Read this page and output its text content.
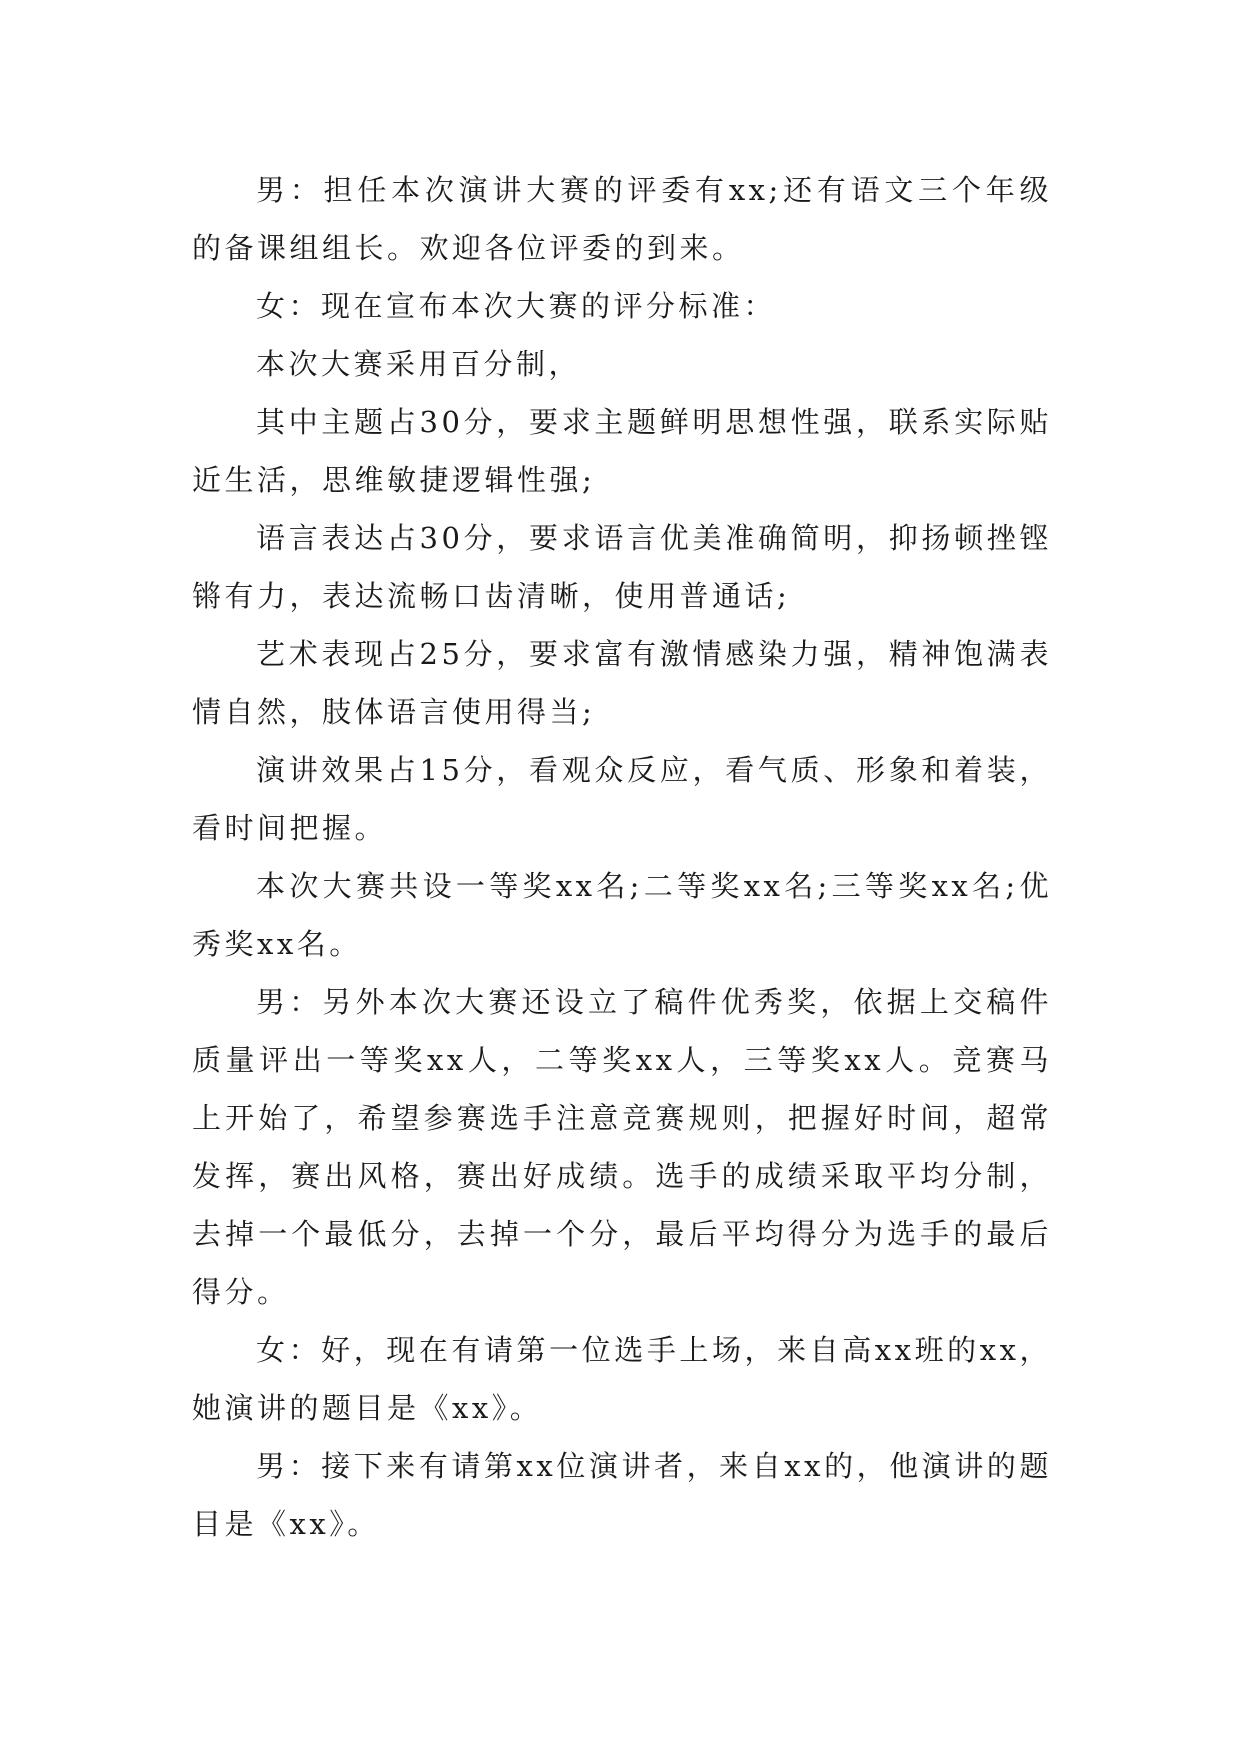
男：担任本次演讲大赛的评委有xx;还有语文三个年级的备课组组长。欢迎各位评委的到来。

女：现在宣布本次大赛的评分标准：

本次大赛采用百分制，

其中主题占30分，要求主题鲜明思想性强，联系实际贴近生活，思维敏捷逻辑性强;

语言表达占30分，要求语言优美准确简明，抑扬顿挫铿锵有力，表达流畅口齿清晰，使用普通话;

艺术表现占25分，要求富有激情感染力强，精神饱满表情自然，肢体语言使用得当;

演讲效果占15分，看观众反应，看气质、形象和着装，看时间把握。

本次大赛共设一等奖xx名;二等奖xx名;三等奖xx名;优秀奖xx名。

男：另外本次大赛还设立了稿件优秀奖，依据上交稿件质量评出一等奖xx人，二等奖xx人，三等奖xx人。竞赛马上开始了，希望参赛选手注意竞赛规则，把握好时间，超常发挥，赛出风格，赛出好成绩。选手的成绩采取平均分制，去掉一个最低分，去掉一个分，最后平均得分为选手的最后得分。

女：好，现在有请第一位选手上场，来自高xx班的xx，她演讲的题目是《xx》。

男：接下来有请第xx位演讲者，来自xx的，他演讲的题目是《xx》。
